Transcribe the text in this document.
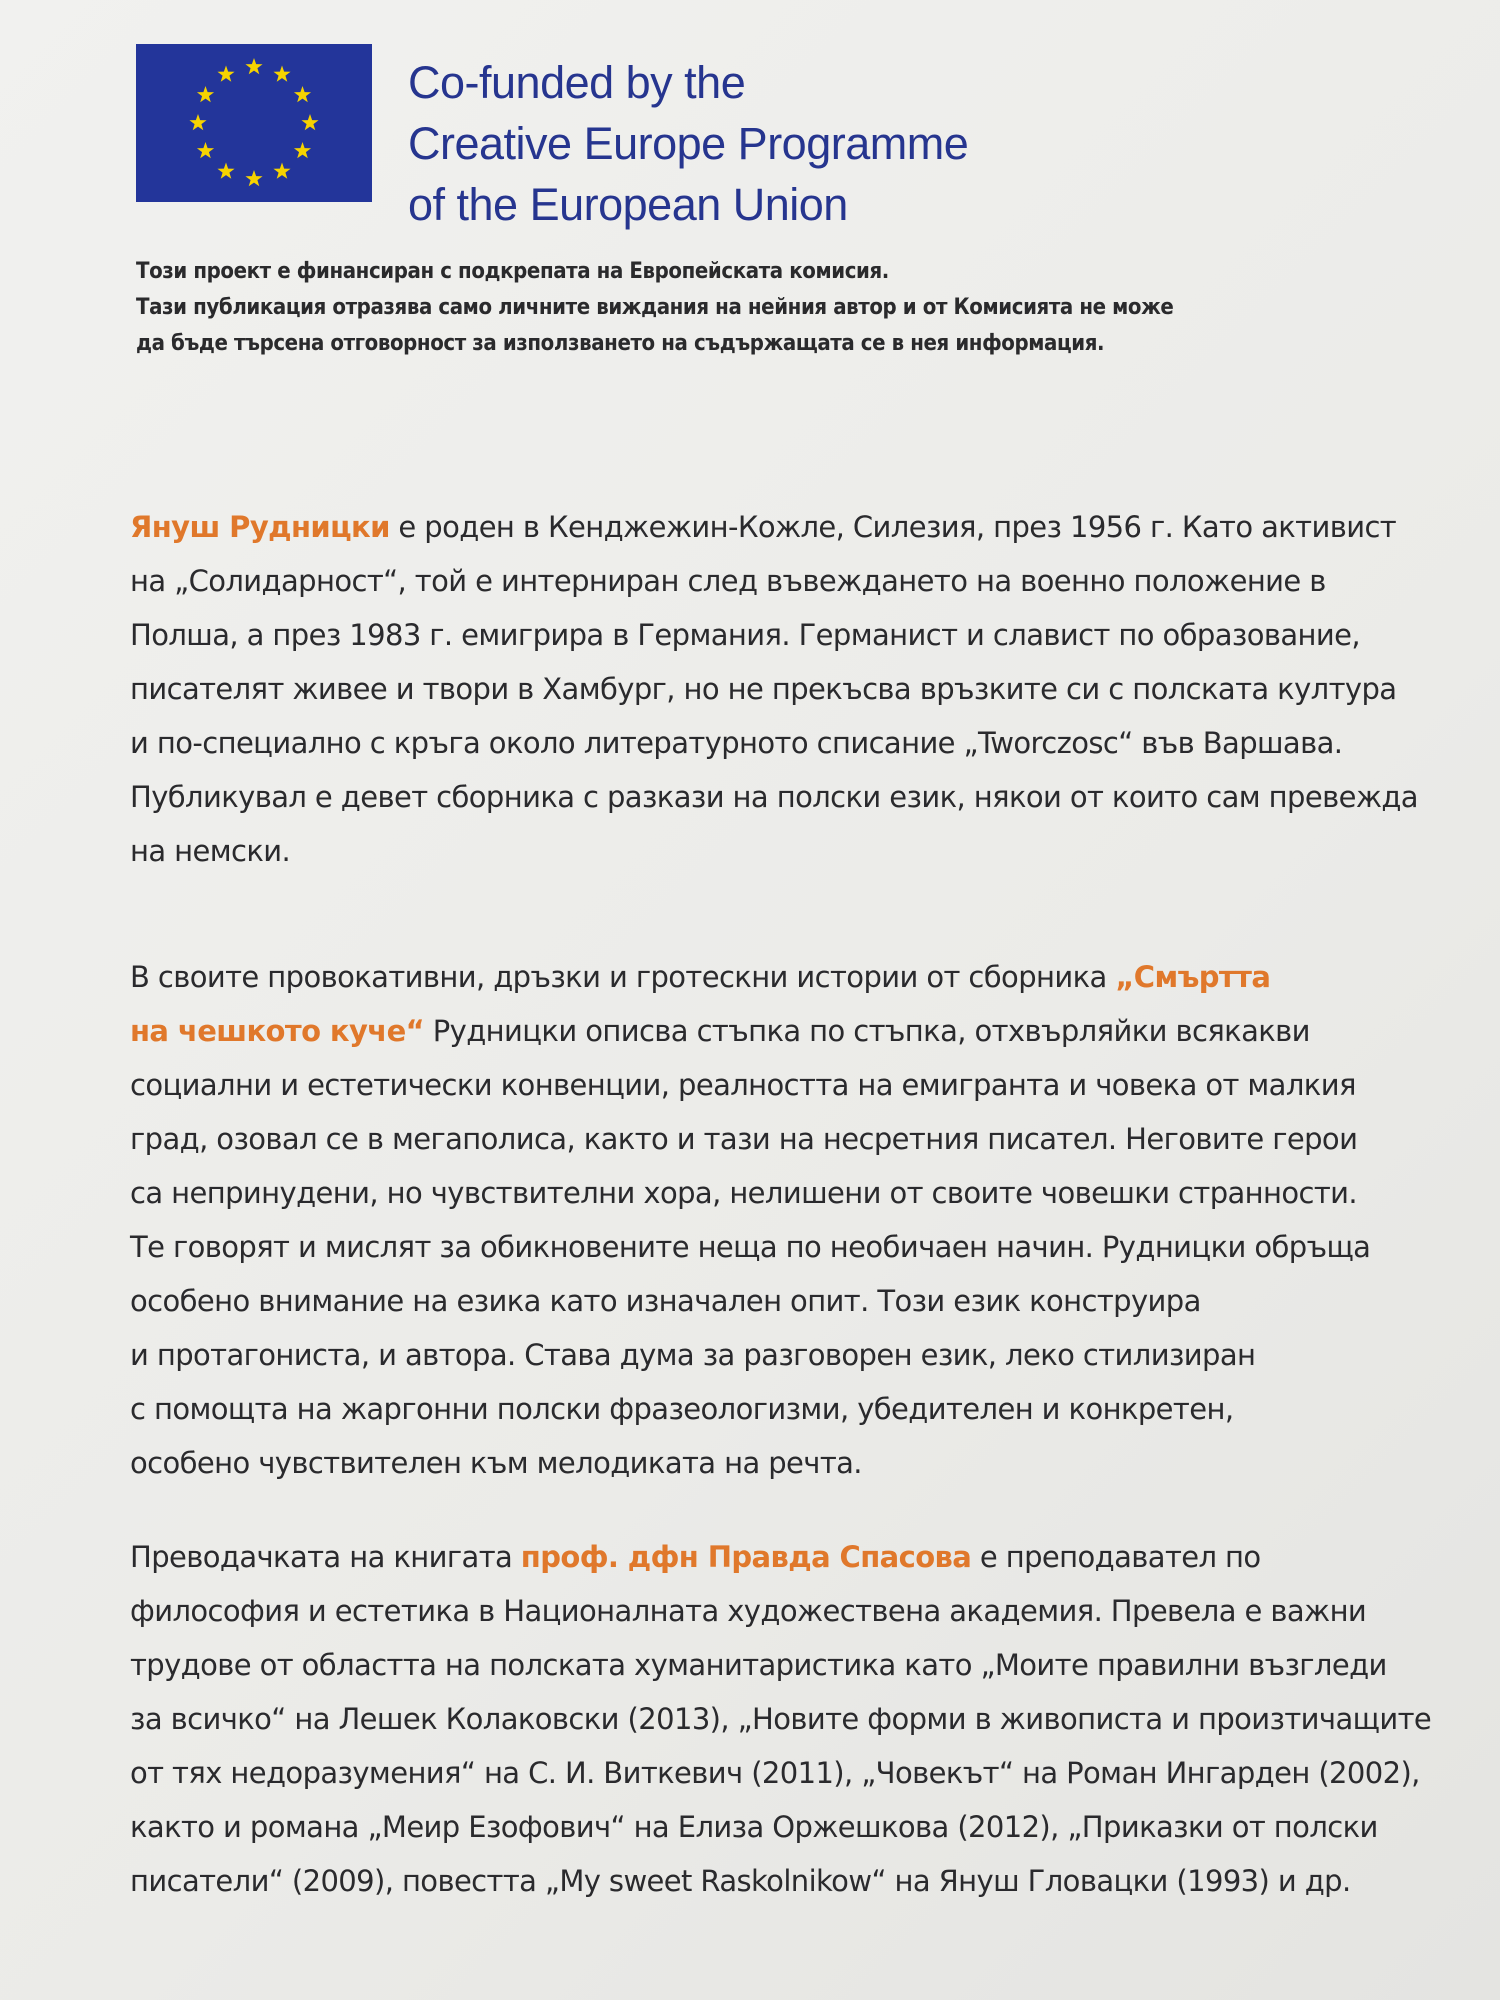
Co-funded by the
Creative Europe Programme
of the European Union
Този проект е финансиран с подкрепата на Европейската комисия.
Тази публикация отразява само личните виждания на нейния автор и от Комисията не може
да бъде търсена отговорност за използването на съдържащата се в нея информация.
Януш Рудницки е роден в Кенджежин-Кожле, Силезия, през 1956 г. Като активист
на „Солидарност“, той е интерниран след въвеждането на военно положение в
Полша, а през 1983 г. емигрира в Германия. Германист и славист по образование,
писателят живее и твори в Хамбург, но не прекъсва връзките си с полската култура
и по-специално с кръга около литературното списание „Tworczosc“ във Варшава.
Публикувал е девет сборника с разкази на полски език, някои от които сам превежда
на немски.
В своите провокативни, дръзки и гротескни истории от сборника „Смъртта
на чешкото куче“ Рудницки описва стъпка по стъпка, отхвърляйки всякакви
социални и естетически конвенции, реалността на емигранта и човека от малкия
град, озовал се в мегаполиса, както и тази на несретния писател. Неговите герои
са непринудени, но чувствителни хора, нелишени от своите човешки странности.
Те говорят и мислят за обикновените неща по необичаен начин. Рудницки обръща
особено внимание на езика като изначален опит. Този език конструира
и протагониста, и автора. Става дума за разговорен език, леко стилизиран
с помощта на жаргонни полски фразеологизми, убедителен и конкретен,
особено чувствителен към мелодиката на речта.
Преводачката на книгата проф. дфн Правда Спасова е преподавател по
философия и естетика в Националната художествена академия. Превела е важни
трудове от областта на полската хуманитаристика като „Моите правилни възгледи
за всичко“ на Лешек Колаковски (2013), „Новите форми в живописта и произтичащите
от тях недоразумения“ на С. И. Виткевич (2011), „Човекът“ на Роман Ингарден (2002),
както и романа „Меир Езофович“ на Елиза Оржешкова (2012), „Приказки от полски
писатели“ (2009), повестта „My sweet Raskolnikow“ на Януш Гловацки (1993) и др.
